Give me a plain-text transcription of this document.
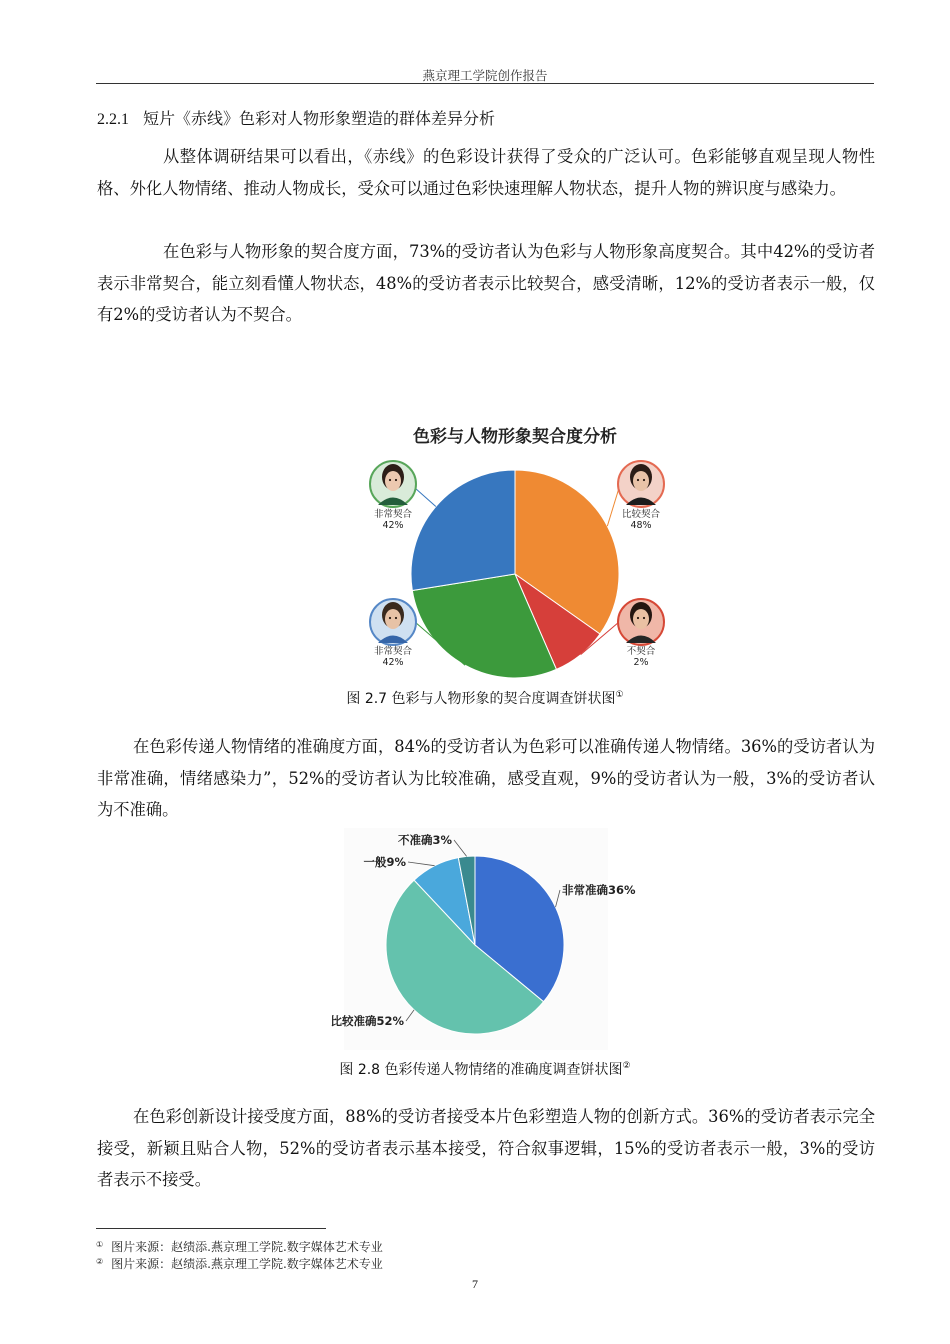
燕京理工学院创作报告
2.2.1 短片《赤线》色彩对人物形象塑造的群体差异分析

从整体调研结果可以看出，《赤线》的色彩设计获得了受众的广泛认可。色彩能够直观呈现人物性格、外化人物情绪、推动人物成长，受众可以通过色彩快速理解人物状态，提升人物的辨识度与感染力。

在色彩与人物形象的契合度方面，73%的受访者认为色彩与人物形象高度契合。其中42%的受访者表示非常契合，能立刻看懂人物状态，48%的受访者表示比较契合，感受清晰，12%的受访者表示一般，仅有2%的受访者认为不契合。

色彩与人物形象契合度分析
比较契合
48%
不契合
2%
非常契合
42%
非常契合
42%
图 2.7 色彩与人物形象的契合度调查饼状图①

在色彩传递人物情绪的准确度方面，84%的受访者认为色彩可以准确传递人物情绪。36%的受访者认为非常准确，情绪感染力”，52%的受访者认为比较准确，感受直观，9%的受访者认为一般，3%的受访者认为不准确。

非常准确36%
比较准确52%
一般9%
不准确3%
图 2.8 色彩传递人物情绪的准确度调查饼状图②

在色彩创新设计接受度方面，88%的受访者接受本片色彩塑造人物的创新方式。36%的受访者表示完全接受，新颖且贴合人物，52%的受访者表示基本接受，符合叙事逻辑，15%的受访者表示一般，3%的受访者表示不接受。

① 图片来源：赵绩添.燕京理工学院.数字媒体艺术专业
② 图片来源：赵绩添.燕京理工学院.数字媒体艺术专业
7
